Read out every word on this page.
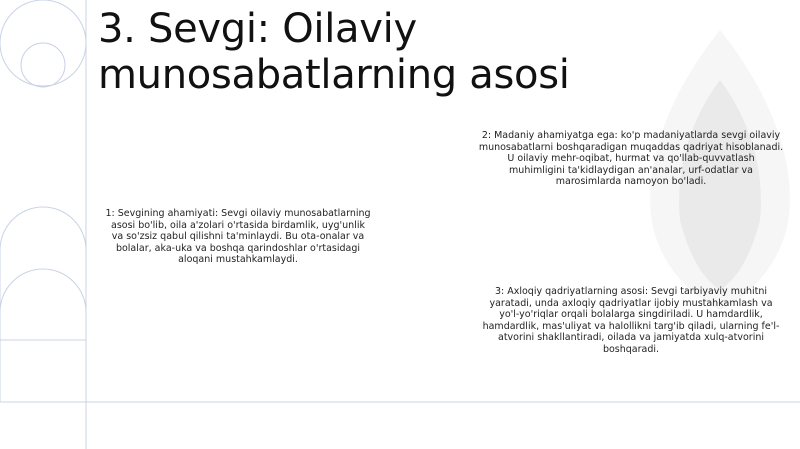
3. Sevgi: Oilaviy munosabatlarning asosi

1: Sevgining ahamiyati: Sevgi oilaviy munosabatlarning asosi bo'lib, oila a'zolari o'rtasida birdamlik, uyg'unlik va so'zsiz qabul qilishni ta'minlaydi. Bu ota-onalar va bolalar, aka-uka va boshqa qarindoshlar o'rtasidagi aloqani mustahkamlaydi.

2: Madaniy ahamiyatga ega: ko'p madaniyatlarda sevgi oilaviy munosabatlarni boshqaradigan muqaddas qadriyat hisoblanadi. U oilaviy mehr-oqibat, hurmat va qo'llab-quvvatlash muhimligini ta'kidlaydigan an'analar, urf-odatlar va marosimlarda namoyon bo'ladi.

3: Axloqiy qadriyatlarning asosi: Sevgi tarbiyaviy muhitni yaratadi, unda axloqiy qadriyatlar ijobiy mustahkamlash va yo'l-yo'riqlar orqali bolalarga singdiriladi. U hamdardlik, hamdardlik, mas'uliyat va halollikni targ'ib qiladi, ularning fe'l-atvorini shakllantiradi, oilada va jamiyatda xulq-atvorini boshqaradi.
